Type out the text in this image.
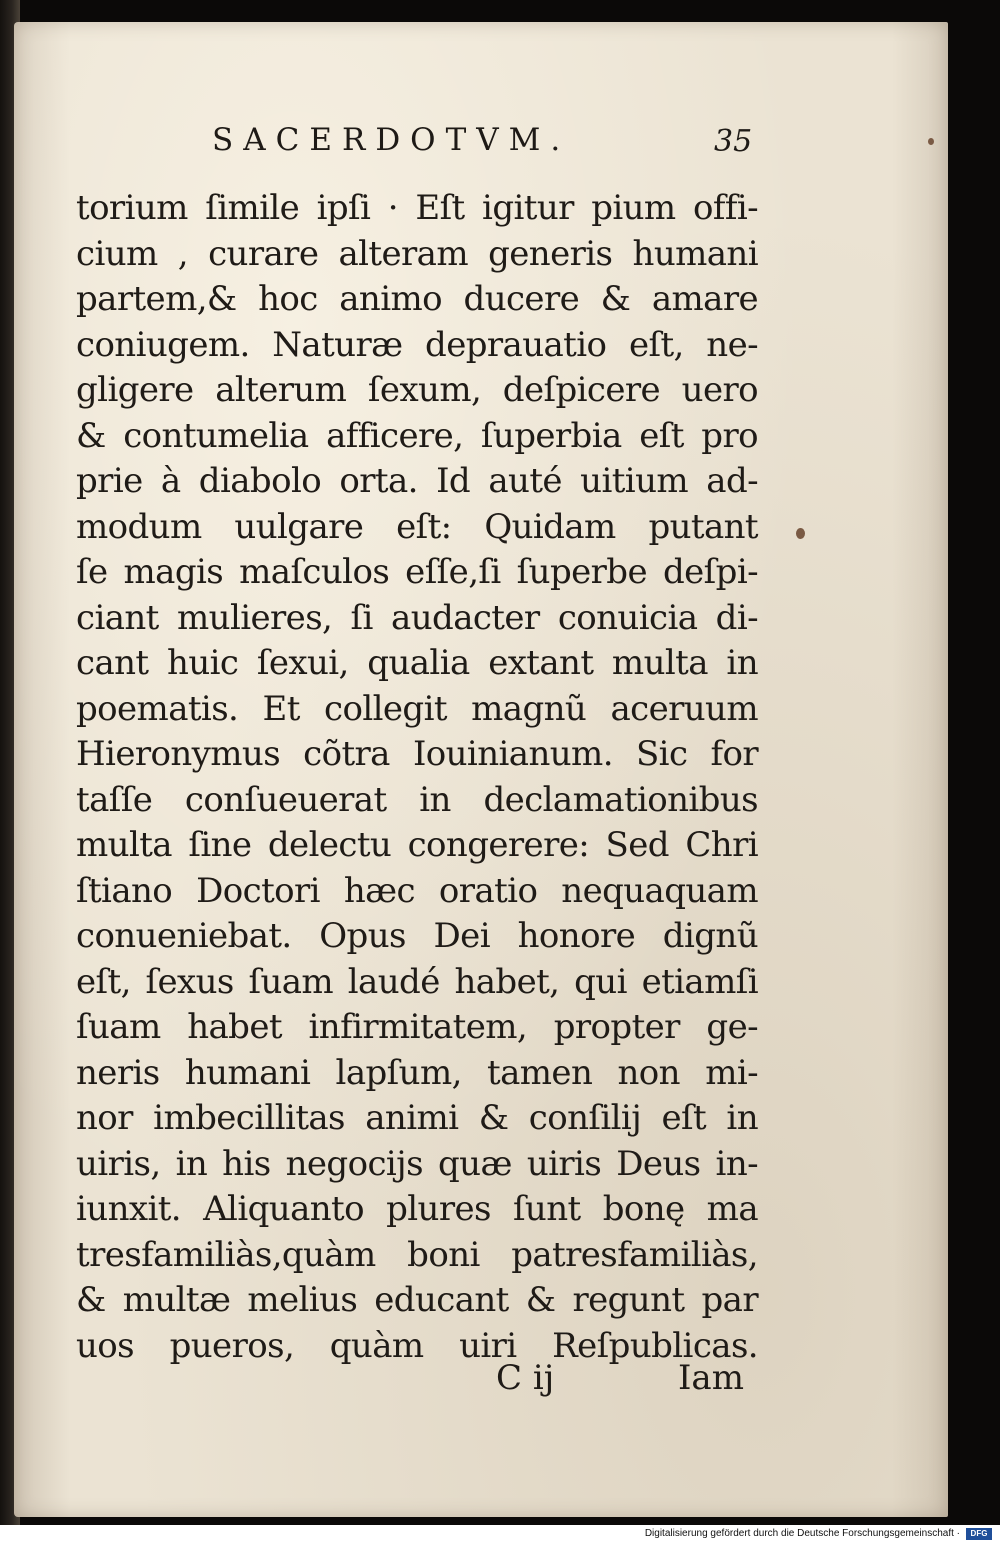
SACERDOTVM.	35
torium ſimile ipſi · Eſt igitur pium offi-
cium , curare alteram generis humani
partem,& hoc animo ducere & amare
coniugem. Naturæ deprauatio eſt, ne-
gligere alterum ſexum, deſpicere uero
& contumelia afficere, ſuperbia eſt pro
prie à diabolo orta. Id auté uitium ad-
modum uulgare eſt: Quidam putant
ſe magis maſculos eſſe,ſi ſuperbe deſpi-
ciant mulieres, ſi audacter conuicia di-
cant huic ſexui, qualia extant multa in
poematis. Et collegit magnũ aceruum
Hieronymus cõtra Iouinianum. Sic for
taſſe conſueuerat in declamationibus
multa ſine delectu congerere: Sed Chri
ſtiano Doctori hæc oratio nequaquam
conueniebat. Opus Dei honore dignũ
eſt, ſexus ſuam laudé habet, qui etiamſi
ſuam habet infirmitatem, propter ge-
neris humani lapſum, tamen non mi-
nor imbecillitas animi & conſilij eſt in
uiris, in his negocijs quæ uiris Deus in-
iunxit. Aliquanto plures ſunt bonę ma
tresfamiliàs,quàm boni patresfamiliàs,
& multæ melius educant & regunt par
uos pueros, quàm uiri Reſpublicas.
C ij	Iam
Digitalisierung gefördert durch die Deutsche Forschungsgemeinschaft ·	DFG
